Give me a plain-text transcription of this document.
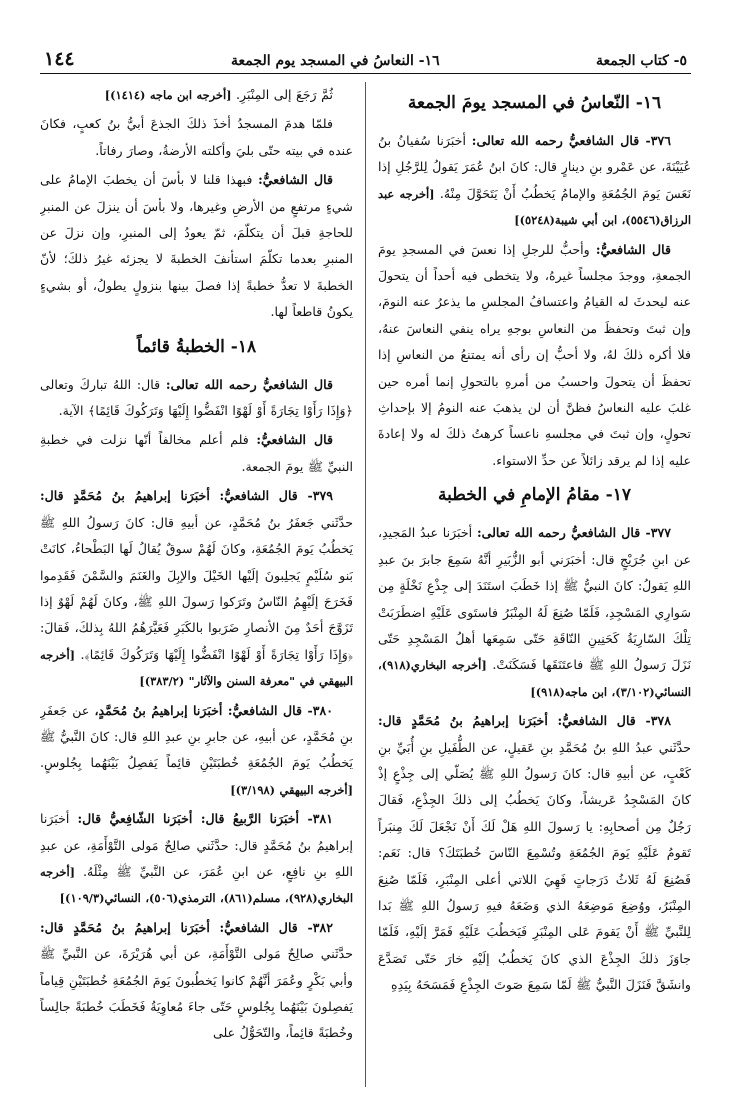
٥- كتاب الجمعة
١٦- النعاسُ في المسجد يوم الجمعة
١٤٤
١٦- النّعاسُ في المسجد يومَ الجمعة

٣٧٦- قال الشافعيُّ رحمه الله تعالى: أخبَرَنا سُفيانُ بنُ عُيَيْنَةَ، عن عَمْرو بنِ دينارٍ قال: كانَ ابنُ عُمَرَ يَقولُ لِلرَّجُلِ إذا نَعَسَ يَومَ الجُمُعَةِ والإمامُ يَخطُبُ أَنْ يَتَحَوَّلَ مِنْهُ. [أخرجه عبد الرزاق(٥٥٤٦)، ابن أبي شيبة(٥٢٤٨)]

قال الشافعيُّ: وأحبُّ للرجلِ إذا نعسَ في المسجدِ يومَ الجمعةِ، ووجدَ مجلساً غيرهُ، ولا يتخطى فيه أحداً أن يتحولَ عنه ليحدثَ له القيامُ واعتسافُ المجلسِ ما يذعرُ عنه النومَ، وإن ثبتَ وتحفظَ من النعاسِ بوجهِ يراه ينفي النعاسَ عنهُ، فلا أكره ذلكَ لهُ، ولا أحبُّ إن رأى أنه يمتنعُ من النعاسِ إذا تحفظَ أن يتحولَ واحسبُ من أمرهِ بالتحولِ إنما أمره حين غلبَ عليه النعاسُ فظنَّ أن لن يذهبَ عنه النومُ إلا بإحداثِ تحولٍ، وإن ثبتَ في مجلسهِ ناعساً كرهتُ ذلكَ له ولا إعادةَ عليه إذا لم يرقد زائلاً عن حدِّ الاستواء.

١٧- مقامُ الإمامِ في الخطبة

٣٧٧- قال الشافعيُّ رحمه الله تعالى: أخبَرَنا عبدُ المَجيدِ، عن ابنِ جُرَيْجٍ قال: أخبَرَني أبو الزُّبَيرِ أنَّهُ سَمِعَ جابرَ بنَ عبدِ اللهِ يَقولُ: كانَ النبيُّ ﷺ إذا خَطَبَ استَنَدَ إلى جِذْعِ نَخْلَةٍ مِن سَوارِي المَسْجِدِ، فَلَمّا صُنِعَ لَهُ المِنْبَرُ فاستَوى عَلَيْهِ اضطَرَبَتْ تِلْكَ السّارِيَةُ كَحَنِينِ النّاقَةِ حَتّى سَمِعَها أهلُ المَسْجِدِ حَتّى نَزَلَ رَسولُ اللهِ ﷺ فاعتَنَقَها فَسَكَنَتْ. [أخرجه البخاري(٩١٨)، النسائي(٣/١٠٢)، ابن ماجه(٩١٨)]

٣٧٨- قال الشافعيُّ: أخبَرَنا إبراهيمُ بنُ مُحَمَّدٍ قال: حدَّثَني عبدُ اللهِ بنُ مُحَمَّدِ بنِ عَقيلٍ، عن الطُّفَيلِ بنِ أُبَيِّ بنِ كَعْبٍ، عن أبيهِ قال: كانَ رَسولُ اللهِ ﷺ يُصَلّي إلى جِذْعٍ إذْ كانَ المَسْجِدُ عَريشاً، وكانَ يَخطُبُ إلى ذلكَ الجِذْعِ، فَقالَ رَجُلٌ مِن أصحابِهِ: يا رَسولَ اللهِ هَلْ لَكَ أَنْ نَجْعَلَ لَكَ مِنبَراً تَقومُ عَلَيْهِ يَومَ الجُمُعَةِ وتُسْمِعَ النّاسَ خُطبَتَكَ؟ قال: نَعَم: فَصُنِعَ لَهُ ثَلاثُ دَرَجاتٍ فَهِيَ اللاتي أعلى المِنْبَرِ، فَلَمّا صُنِعَ المِنْبَرُ، ووُضِعَ مَوضِعَهُ الذي وَضَعَهُ فيهِ رَسولُ اللهِ ﷺ بَدا لِلنَّبيِّ ﷺ أَنْ يَقومَ عَلى المِنْبَرِ فَيَخطُبَ عَلَيْهِ فَمَرَّ إلَيْهِ، فَلَمّا جاوَزَ ذلكَ الجِذْعَ الذي كانَ يَخطُبُ إلَيْهِ خارَ حَتّى تَصَدَّعَ وانشَقَّ فَنَزَلَ النَّبيُّ ﷺ لَمّا سَمِعَ صَوتَ الجِذْعِ فَمَسَحَهُ بِيَدِهِ

ثُمَّ رَجَعَ إلى المِنْبَرِ. [أخرجه ابن ماجه (١٤١٤)]

فلمّا هدمَ المسجدُ أخذَ ذلكَ الجذعَ أبيُّ بنُ كعبٍ، فكانَ عنده في بيته حتّى بليَ وأكلته الأرضةُ، وصارَ رفاتاً.

قال الشافعيُّ: فبهذا قلنا لا بأسَ أن يخطبَ الإمامُ على شيءٍ مرتفعٍ من الأرضِ وغيرها، ولا بأسَ أن ينزلَ عن المنبرِ للحاجةِ قبلَ أن يتكلّمَ، ثمّ يعودُ إلى المنبرِ، وإن نزلَ عن المنبرِ بعدما تكلّمَ استأنفَ الخطبةَ لا يجزئه غيرُ ذلكَ؛ لأنّ الخطبةَ لا تعدُّ خطبةً إذا فصلَ بينها بنزولٍ يطولُ، أو بشيءٍ يكونُ قاطعاً لها.

١٨- الخطبةُ قائماً

قال الشافعيُّ رحمه الله تعالى: قال: اللهُ تباركَ وتعالى ﴿وَإِذَا رَأَوْا تِجَارَةً أَوْ لَهْوًا انْفَضُّوا إِلَيْهَا وَتَرَكُوكَ قَائِمًا﴾ الآية.

قال الشافعيُّ: فلم أعلم مخالفاً أنّها نزلت في خطبةِ النبيِّ ﷺ يومَ الجمعة.

٣٧٩- قال الشافعيُّ: أخبَرَنا إبراهيمُ بنُ مُحَمَّدٍ قال: حدَّثَني جَعفَرُ بنُ مُحَمَّدٍ، عن أبيهِ قال: كانَ رَسولُ اللهِ ﷺ يَخطُبُ يَومَ الجُمُعَةِ، وكانَ لَهُمْ سوقٌ يُقالُ لَها البَطْحاءُ، كانَتْ بَنو سُلَيْمٍ يَجلِبونَ إلَيْها الخَيْلَ والإبِلَ والغَنَمَ والسَّمْنَ فَقَدِموا فَخَرَجَ إلَيْهِمُ النّاسُ وتَرَكوا رَسولَ اللهِ ﷺ، وكانَ لَهُمْ لَهْوٌ إذا تَزَوَّجَ أحَدٌ مِنَ الأنصارِ ضَرَبوا بالكَبَرِ فَعَيَّرَهُمُ اللهُ بِذلكَ، فَقالَ: ﴿وَإِذَا رَأَوْا تِجَارَةً أَوْ لَهْوًا انْفَضُّوا إِلَيْهَا وَتَرَكُوكَ قَائِمًا﴾. [أخرجه البيهقي في "معرفة السنن والآثار" (٣٨٣/٢)]

٣٨٠- قال الشافعيُّ: أخبَرَنا إبراهيمُ بنُ مُحَمَّدٍ، عن جَعفَرِ بنِ مُحَمَّدٍ، عن أبيهِ، عن جابرِ بنِ عبدِ اللهِ قال: كانَ النَّبيُّ ﷺ يَخطُبُ يَومَ الجُمُعَةِ خُطبَتَيْنِ قائِماً يَفصِلُ بَيْنَهُما بِجُلوسٍ. [أخرجه البيهقي (٣/١٩٨)]

٣٨١- أخبَرَنا الرَّبيعُ قال: أخبَرَنا الشّافِعيُّ قال: أخبَرَنا إبراهيمُ بنُ مُحَمَّدٍ قال: حدَّثَني صالِحٌ مَولى التَّوْأَمَةِ، عن عبدِ اللهِ بنِ نافِعٍ، عن ابنِ عُمَرَ، عن النَّبيِّ ﷺ مِثْلَهُ. [أخرجه البخاري(٩٢٨)، مسلم(٨٦١)، الترمذي(٥٠٦)، النسائي(١٠٩/٣)]

٣٨٢- قال الشافعيُّ: أخبَرَنا إبراهيمُ بنُ مُحَمَّدٍ قال: حدَّثَني صالِحٌ مَولى التَّوْأَمَةِ، عن أبي هُرَيْرَةَ، عن النَّبيِّ ﷺ وأبي بَكْرٍ وعُمَرَ أنَّهُمْ كانوا يَخطُبونَ يَومَ الجُمُعَةِ خُطبَتَيْنِ قِياماً يَفصِلونَ بَيْنَهُما بِجُلوسٍ حَتّى جاءَ مُعاوِيَةُ فَخَطَبَ خُطبَةً جالِساً وخُطبَةً قائِماً، والتّحَوُّلُ على
